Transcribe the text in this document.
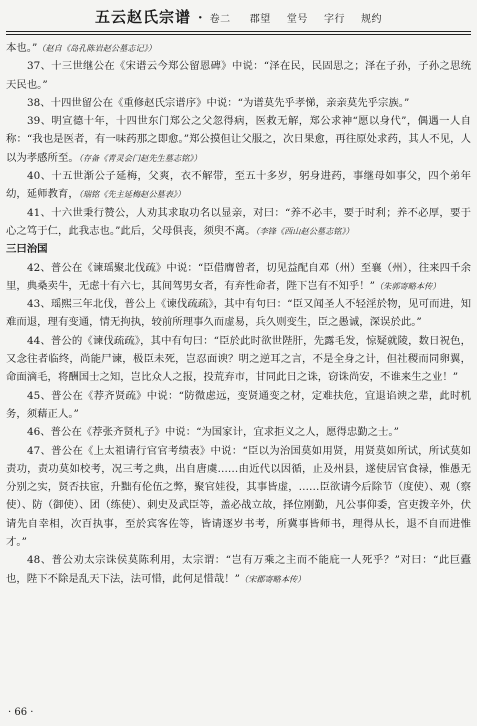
五云赵氏宗谱 · 卷二 郡望 堂号 字行 规约

本也。”（赵自《岛孔陈岩赵公墓志记》）

37、十三世继公在《宋谱云今郑公留恩碑》中说：“泽在民，民固思之；泽在子孙，子孙之思统天民也。”

38、十四世留公在《重修赵氏宗谱序》中说：“为谱莫先乎孝悌，亲亲莫先乎宗族。”

39、明宣德十年，十四世东门郑公之父忽得病，医救无解，郑公求神“愿以身代”，偶遇一人自称：“我也是医者，有一味药那之即愈。”郑公摸但让父服之，次日果愈，再往原处求药，其人不见，人以为孝感所至。（存备《青灵会门赵先生墓志铭》）

40、十五世渐公子延梅，父爽，衣不解带，至五十多岁，躬身进药，事继母如事父，四个弟年幼，延师教育，（瑞铭《先主延梅赵公墓表》）

41、十六世秉行赞公，人劝其求取功名以显亲，对曰：“养不必丰，要于时利；养不必厚，要于心之笃于仁，此我志也。”此后，父母俱丧，须臾不离。（李锋《西山赵公墓志铭》）

三曰治国

42、普公在《谏瑶聚北伐疏》中说：“臣借膺曾者，切见益配自邓（州）至襄（州），往来四千余里，典桑卖牛，无虑十有六七，其间驾男女者，有弃性命者，陛下岂有不知乎！”（朱郭寄略本传）

43、瑶熙三年北伐，普公上《谏伐疏疏》，其中有句曰：“臣又闻圣人不轻淫於物，见可而进，知难而退，理有变通，情无拘执，较前所理事久而虚易，兵久则变生，臣之愚诚，深误於此。”

44、普公的《谏伐疏疏》，其中有句曰：“臣於此时欲世陛肝，先露毛发，惊疑就陵，数日祝色，又念往者临终，尚能尸谏，极臣未死，岂忍面谀？明之逆耳之言，不是全身之计，但社稷而同卵翼，命面滴毛，将酬国士之知，岂比众人之报，投荒弃市，甘同此日之诛，窃诛尚安，不谁来生之业！”

45、普公在《荐齐贤疏》中说：“防微虑远，变贤通变之材，定难扶危，宜退谄谀之辈，此时机务，须藉正人。”

46、普公在《荐张齐贤札子》中说：“为国家计，宜求拒义之人，愿得忠勤之士。”

47、普公在《上太祖请行官官考绩表》中说：“臣以为治国莫如用贤，用贤莫如所试，所试莫如责功，责功莫如校考，况三考之典，出自唐虞……由近代以因循，止及州县，遂使居官食禄，惟愚无分别之实，贤否扶宦，升黜有伦伍之弊，聚官娃役，其事皆虚，……臣欲请今后除节（度使）、观（察使）、防（御使）、团（练使）、刺史及武臣等，盖必战立故，择位刚勤，凡公事仰委，宫吏拨辛外，伏请先自幸相，次百执事，至於宾客佐等，皆请逐岁书考，所冀事皆师书，理得从长，退不自而进惟才。”

48、普公劝太宗诛侯莫陈利用，太宗谓：“岂有万乘之主而不能庇一人死乎？”对曰：“此巨蠹也，陛下不除是乱天下法，法可惜，此何足惜哉！”（宋郡寄略本传）

· 66 ·
